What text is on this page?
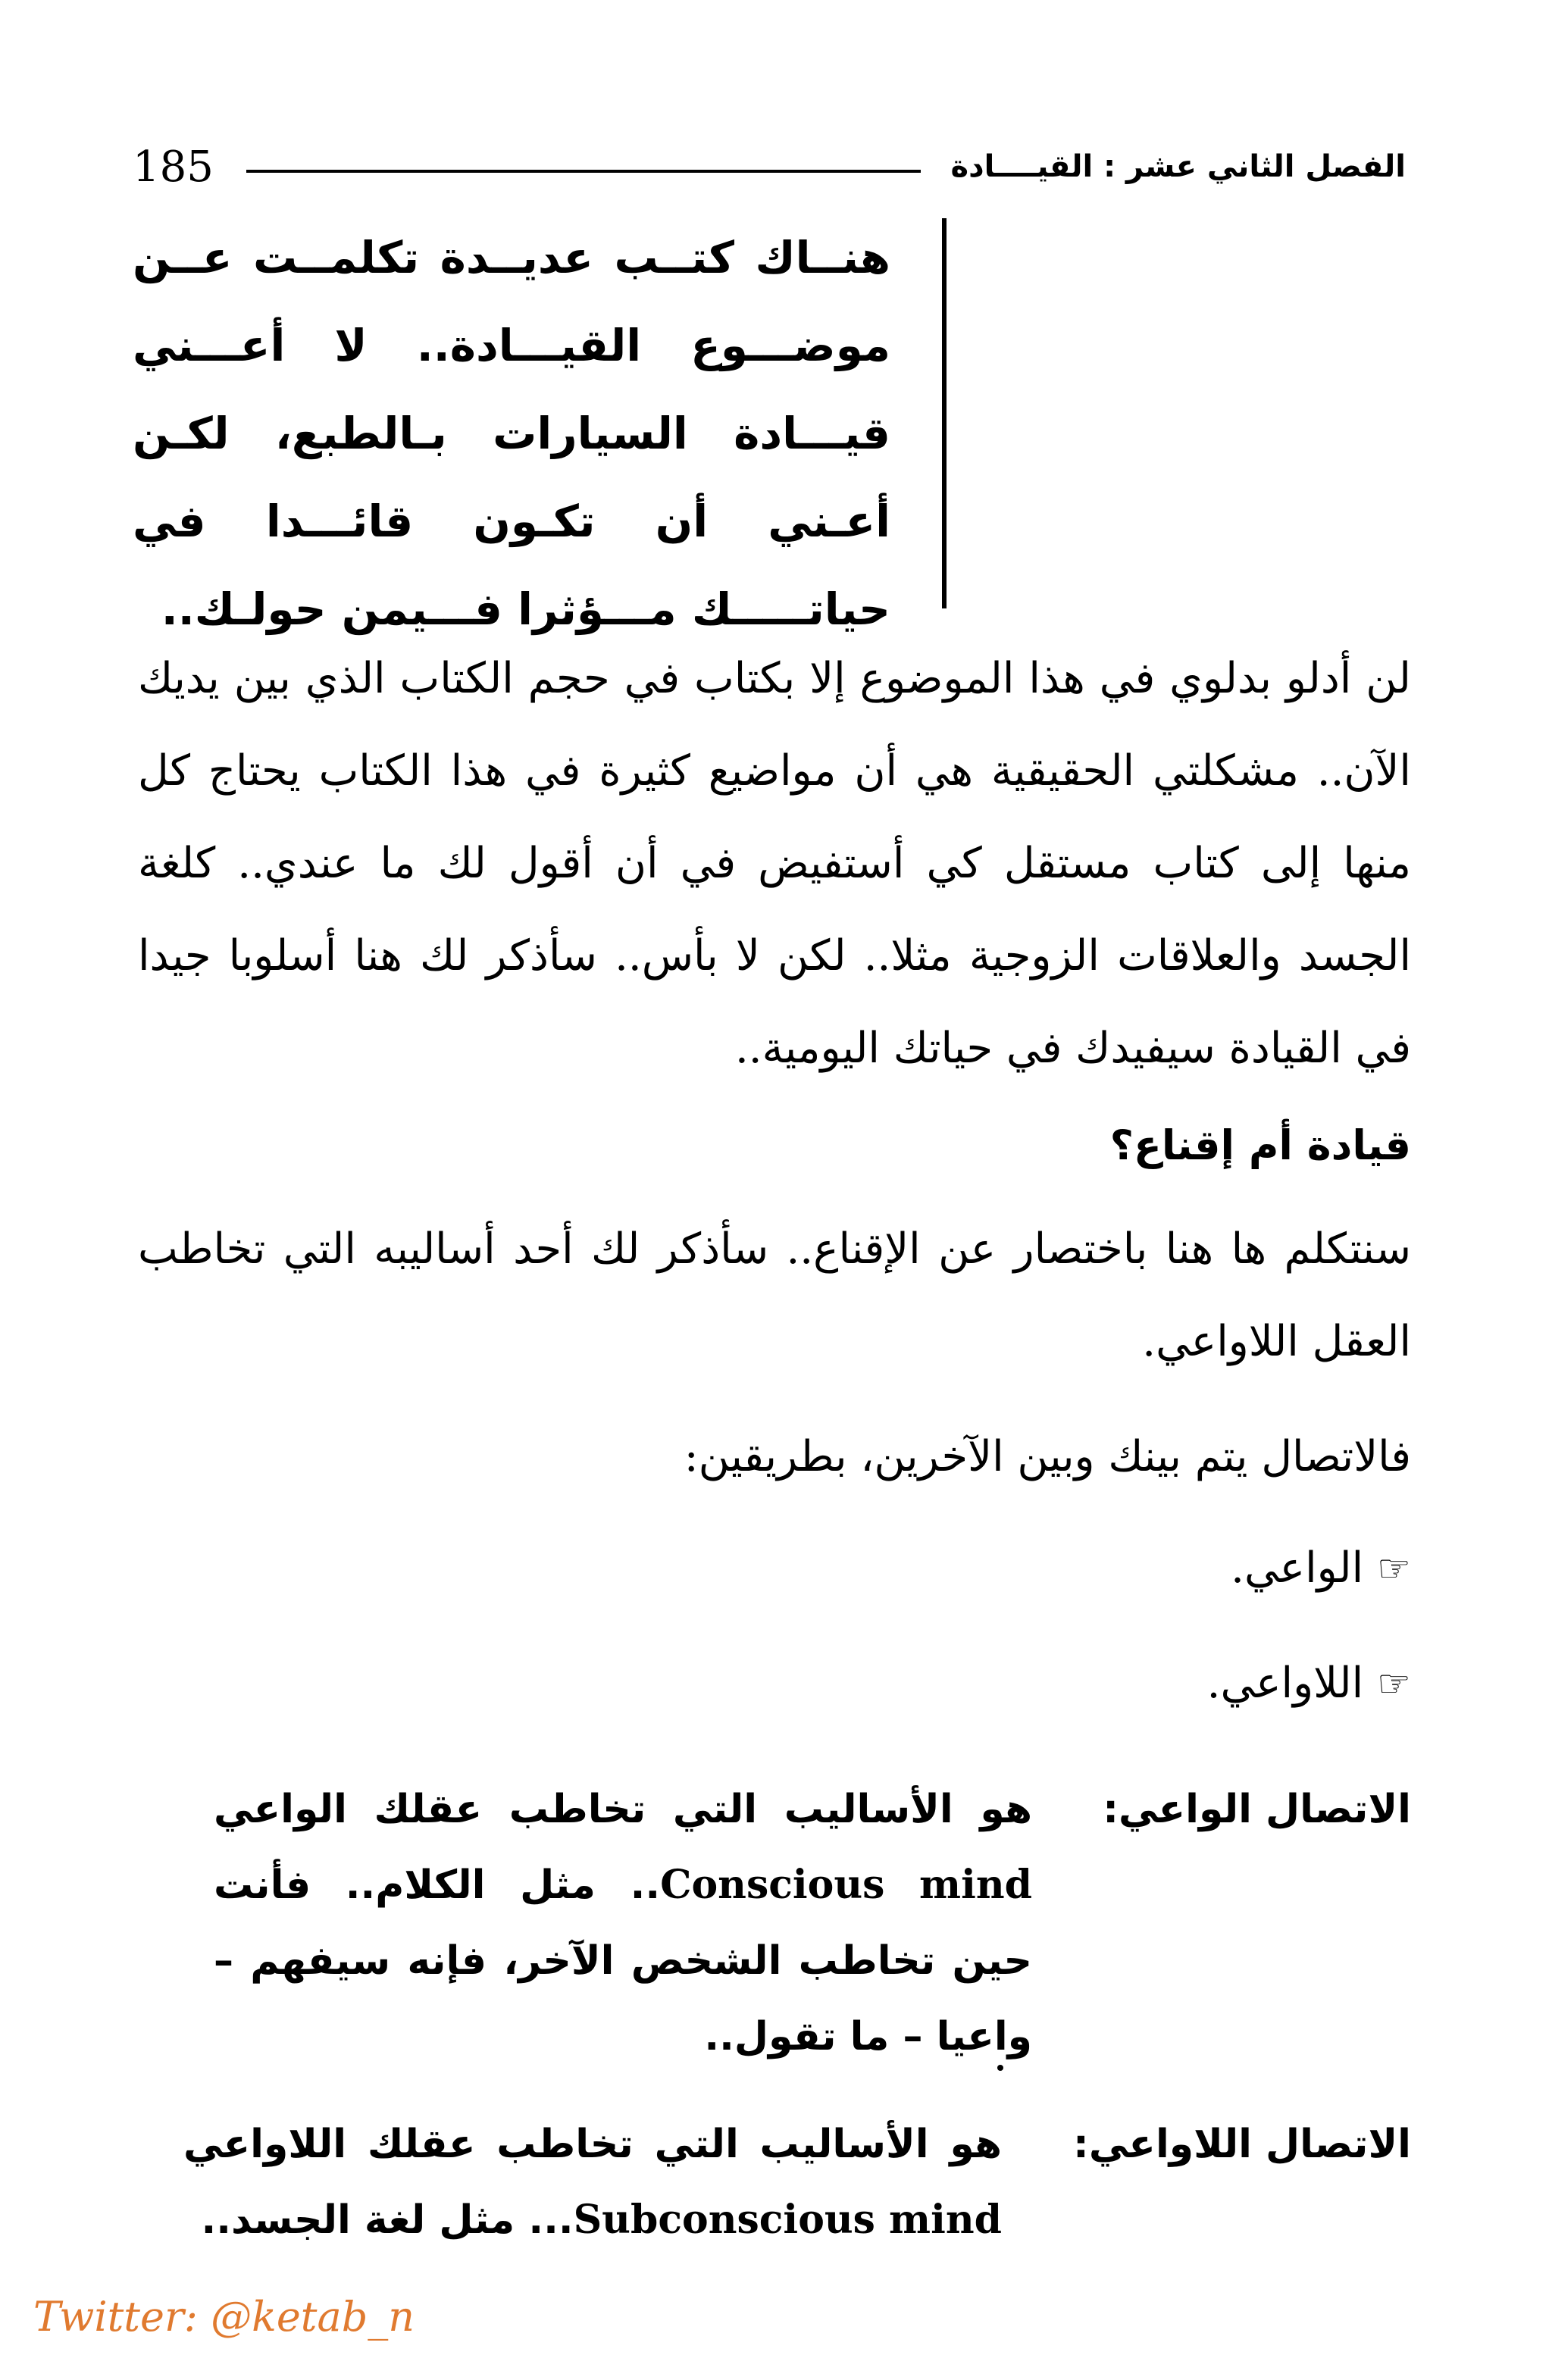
185	الفصل الثاني عشر : القيــــادة
هنــاك كتــب عديــدة تكلمــت عــن موضـــوع القيـــادة.. لا أعـــني قيـــادة السيارات بـالطبع، لكـن أعـني أن تكـون قائـــدا في حياتـــــك مـــؤثرا فـــيمن حولـك..
لن أدلو بدلوي في هذا الموضوع إلا بكتاب في حجم الكتاب الذي بين يديك الآن.. مشكلتي الحقيقية هي أن مواضيع كثيرة في هذا الكتاب يحتاج كل منها إلى كتاب مستقل كي أستفيض في أن أقول لك ما عندي.. كلغة الجسد والعلاقات الزوجية مثلا.. لكن لا بأس.. سأذكر لك هنا أسلوبا جيدا في القيادة سيفيدك في حياتك اليومية..
قيادة أم إقناع؟
سنتكلم ها هنا باختصار عن الإقناع.. سأذكر لك أحد أساليبه التي تخاطب العقل اللاواعي.
فالاتصال يتم بينك وبين الآخرين، بطريقين:
☜
الواعي.
☜
اللاواعي.
الاتصال الواعي:
هو الأساليب التي تخاطب عقلك الواعي Conscious mind.. مثل الكلام.. فأنت حين تخاطب الشخص الآخر، فإنه سيفهم – واعيا – ما تقول..
الاتصال اللاواعي:
هو الأساليب التي تخاطب عقلك اللاواعي Subconscious mind... مثل لغة الجسد..
Twitter: @ketab_n
